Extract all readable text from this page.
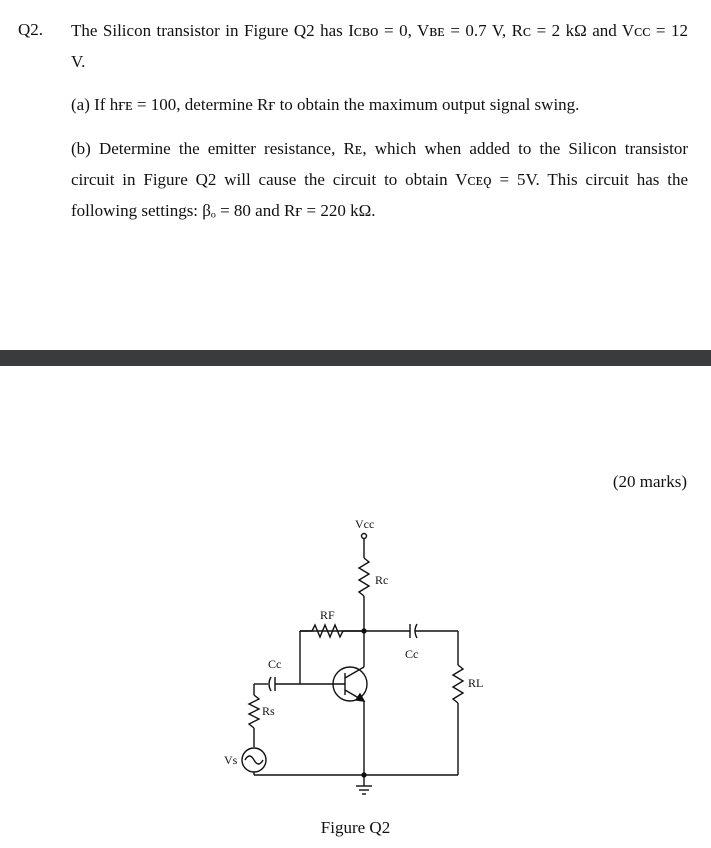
Q2. The Silicon transistor in Figure Q2 has Iᴄʙᴏ = 0, Vʙᴇ = 0.7 V, Rᴄ = 2 kΩ and Vᴄᴄ = 12
V.
(a) If hғᴇ = 100, determine Rғ to obtain the maximum output signal swing.
(b) Determine the emitter resistance, Rᴇ, which when added to the Silicon transistor
circuit in Figure Q2 will cause the circuit to obtain Vᴄᴇǫ = 5V. This circuit has the
following settings: βₒ = 80 and Rғ = 220 kΩ.
(20 marks)
Vcc
Rc
RF
Cc
RL
Cc
Rs
Vs
Figure Q2
